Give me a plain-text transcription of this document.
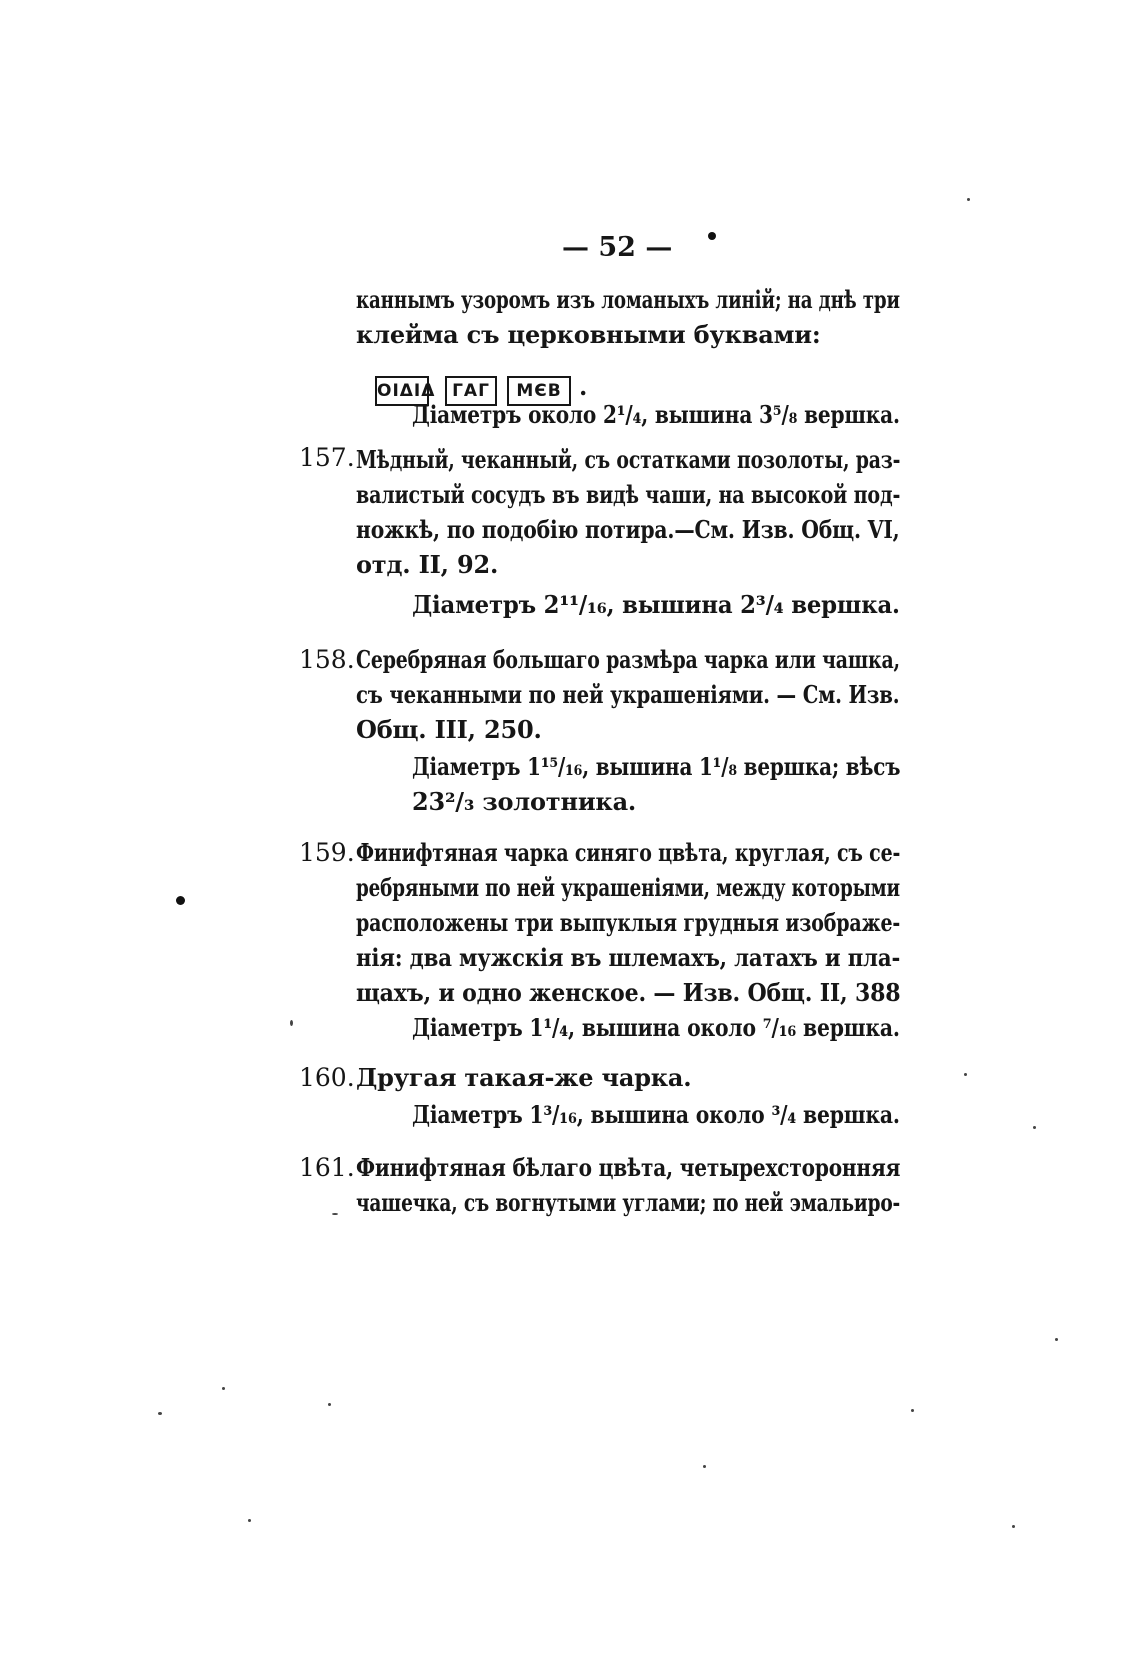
— 52 —
каннымъ узоромъ изъ ломаныхъ линій; на днѣ три
клейма съ церковными буквами:
ОІΔІΔ ГАГ	МЄВ .
Діаметръ около 2¹/₄, вышина 3⁵/₈ вершка.
157. Мѣдный, чеканный, съ остатками позолоты, раз-
валистый сосудъ въ видѣ чаши, на высокой под-
ножкѣ, по подобію потира.—См. Изв. Общ. VI,
отд. II, 92.
Діаметръ 2¹¹/₁₆, вышина 2³/₄ вершка.
158. Серебряная большаго размѣра чарка или чашка,
съ чеканными по ней украшеніями. — См. Изв.
Общ. III, 250.
Діаметръ 1¹⁵/₁₆, вышина 1¹/₈ вершка; вѣсъ
23²/₃ золотника.
159. Финифтяная чарка синяго цвѣта, круглая, съ се-
ребряными по ней украшеніями, между которыми
расположены три выпуклыя грудныя изображе-
нія: два мужскія въ шлемахъ, латахъ и пла-
щахъ, и одно женское. — Изв. Общ. II, 388
Діаметръ 1¹/₄, вышина около ⁷/₁₆ вершка.
160. Другая такая-же чарка.
Діаметръ 1³/₁₆, вышина около ³/₄ вершка.
161. Финифтяная бѣлаго цвѣта, четырехсторонняя
чашечка, съ вогнутыми углами; по ней эмальиро-
